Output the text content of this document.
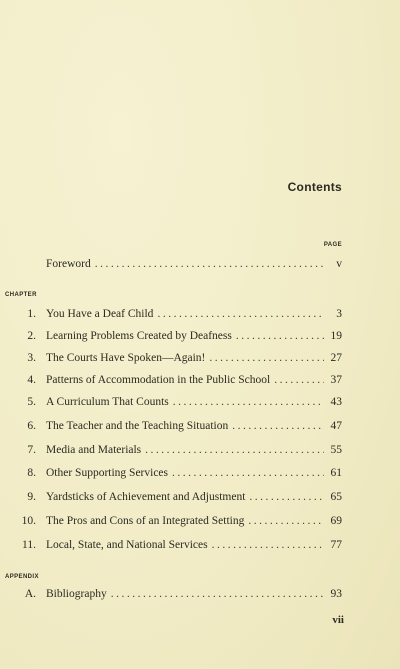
Contents
PAGE
Foreword .....	v
CHAPTER
1. You Have a Deaf Child .....	3
2. Learning Problems Created by Deafness .....	19
3. The Courts Have Spoken—Again! .....	27
4. Patterns of Accommodation in the Public School .....	37
5. A Curriculum That Counts .....	43
6. The Teacher and the Teaching Situation .....	47
7. Media and Materials .....	55
8. Other Supporting Services .....	61
9. Yardsticks of Achievement and Adjustment .....	65
10. The Pros and Cons of an Integrated Setting .....	69
11. Local, State, and National Services .....	77
APPENDIX
A. Bibliography .....	93
vii
